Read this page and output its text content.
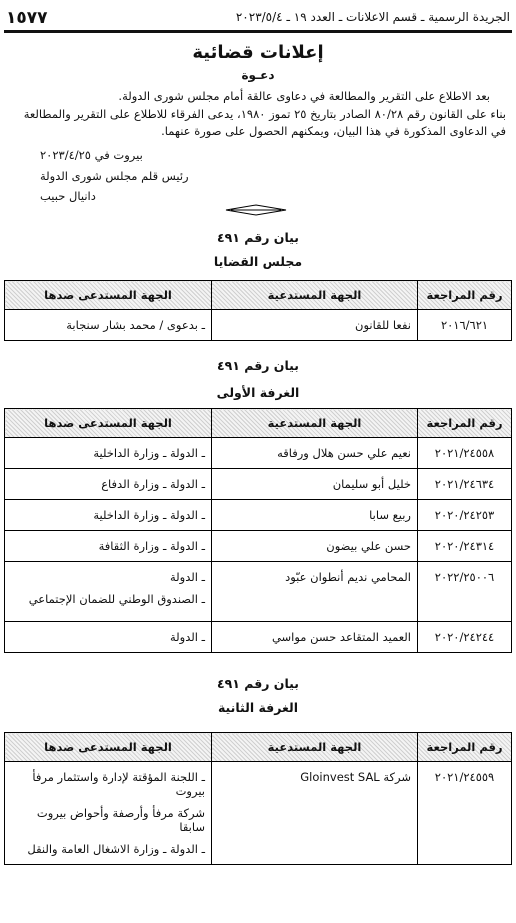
الجريدة الرسمية ـ قسم الاعلانات ـ العدد ١٩ ـ ٢٠٢٣/٥/٤
١٥٧٧
إعلانات قضائية
دعـوة
بعد الاطلاع على التقرير والمطالعة في دعاوى عالقة أمام مجلس شورى الدولة.
بناء على القانون رقم ٨٠/٢٨ الصادر بتاريخ ٢٥ تموز ١٩٨٠، يدعى الفرقاء للاطلاع على التقرير والمطالعة في الدعاوى المذكورة في هذا البيان، ويمكنهم الحصول على صورة عنهما.
بيروت في ٢٠٢٣/٤/٢٥
رئيس قلم مجلس شورى الدولة
دانيال حبيب
بيان رقم ٤٩١
مجلس القضايا
رقم المراجعة	الجهة المستدعية	الجهة المستدعى ضدها
٢٠١٦/٦٢١	نفعا للقانون	ـ بدعوى / محمد بشار سنجابة
بيان رقم ٤٩١
الغرفة الأولى
رقم المراجعة	الجهة المستدعية	الجهة المستدعى ضدها
٢٠٢١/٢٤٥٥٨	نعيم علي حسن هلال ورفاقه	ـ الدولة ـ وزارة الداخلية

٢٠٢١/٢٤٦٣٤	خليل أبو سليمان	ـ الدولة ـ وزارة الدفاع

٢٠٢٠/٢٤٢٥٣	ربيع سابا	ـ الدولة ـ وزارة الداخلية

٢٠٢٠/٢٤٣١٤	حسن علي بيضون	ـ الدولة ـ وزارة الثقافة

٢٠٢٢/٢٥٠٠٦	المحامي نديم أنطوان عبّود	ـ الدولة
ـ الصندوق الوطني للضمان الإجتماعي

٢٠٢٠/٢٤٢٤٤	العميد المتقاعد حسن مواسي	ـ الدولة
بيان رقم ٤٩١
الغرفة الثانية
رقم المراجعة	الجهة المستدعية	الجهة المستدعى ضدها
٢٠٢١/٢٤٥٥٩	شركة Gloinvest SAL	ـ اللجنة المؤقتة لإدارة واستثمار مرفأ بيروت
شركة مرفأ وأرصفة وأحواض بيروت سابقا
ـ الدولة ـ وزارة الاشغال العامة والنقل
